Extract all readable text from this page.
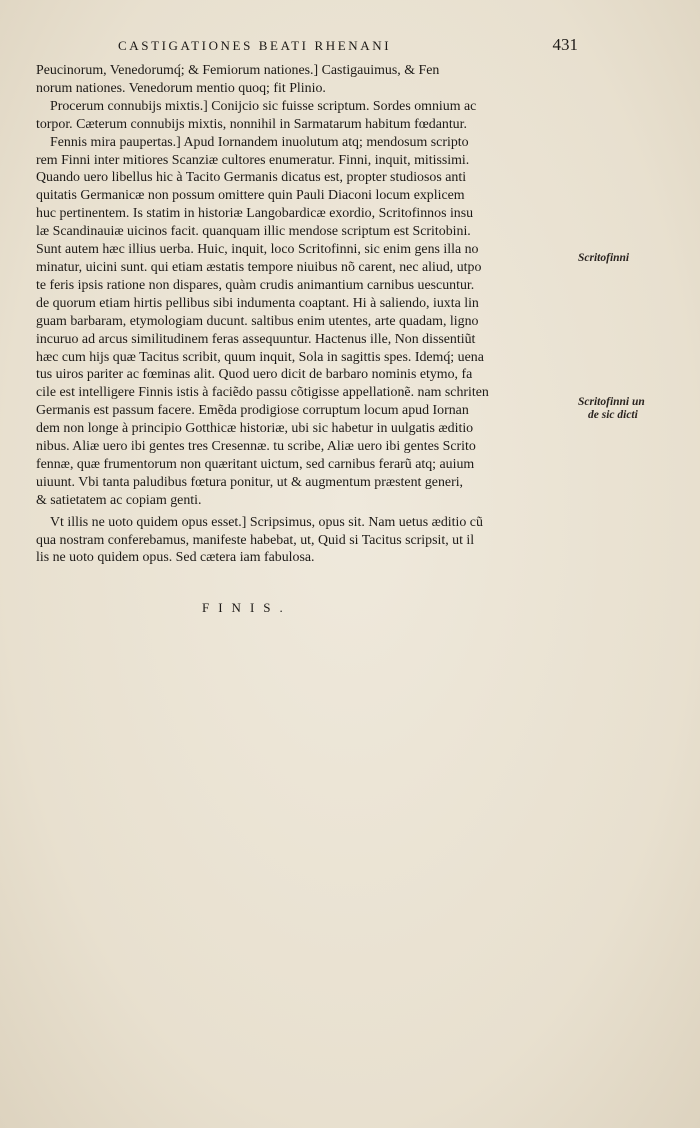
CASTIGATIONES BEATI RHENANI	431
Peucinorum, Venedorumq́; & Femiorum nationes.] Castigauimus, & Fen
norum nationes. Venedorum mentio quoq; fit Plinio.
Procerum connubijs mixtis.] Conijcio sic fuisse scriptum. Sordes omnium ac
torpor. Cæterum connubijs mixtis, nonnihil in Sarmatarum habitum fœdantur.
Fennis mira paupertas.] Apud Iornandem inuolutum atq; mendosum scripto
rem Finni inter mitiores Scanziæ cultores enumeratur. Finni, inquit, mitissimi.
Quando uero libellus hic à Tacito Germanis dicatus est, propter studiosos anti
quitatis Germanicæ non possum omittere quin Pauli Diaconi locum explicem
huc pertinentem. Is statim in historiæ Langobardicæ exordio, Scritofinnos insu
læ Scandinauiæ uicinos facit. quanquam illic mendose scriptum est Scritobini.
Sunt autem hæc illius uerba. Huic, inquit, loco Scritofinni, sic enim gens illa no
minatur, uicini sunt. qui etiam æstatis tempore niuibus nõ carent, nec aliud, utpo
te feris ipsis ratione non dispares, quàm crudis animantium carnibus uescuntur.
de quorum etiam hirtis pellibus sibi indumenta coaptant. Hi à saliendo, iuxta lin
guam barbaram, etymologiam ducunt. saltibus enim utentes, arte quadam, ligno
incuruo ad arcus similitudinem feras assequuntur. Hactenus ille, Non dissentiũt
hæc cum hijs quæ Tacitus scribit, quum inquit, Sola in sagittis spes. Idemq́; uena
tus uiros pariter ac fœminas alit. Quod uero dicit de barbaro nominis etymo, fa
cile est intelligere Finnis istis à faciẽdo passu cõtigisse appellationẽ. nam schriten
Germanis est passum facere. Emẽda prodigiose corruptum locum apud Iornan
dem non longe à principio Gotthicæ historiæ, ubi sic habetur in uulgatis æditio
nibus. Aliæ uero ibi gentes tres Cresennæ. tu scribe, Aliæ uero ibi gentes Scrito
fennæ, quæ frumentorum non quæritant uictum, sed carnibus ferarũ atq; auium
uiuunt. Vbi tanta paludibus fœtura ponitur, ut & augmentum præstent generi,
& satietatem ac copiam genti.
Vt illis ne uoto quidem opus esset.] Scripsimus, opus sit. Nam uetus æditio cũ
qua nostram conferebamus, manifeste habebat, ut, Quid si Tacitus scripsit, ut il
lis ne uoto quidem opus. Sed cætera iam fabulosa.
FINIS.
Scritofinni
Scritofinni un
de sic dicti
